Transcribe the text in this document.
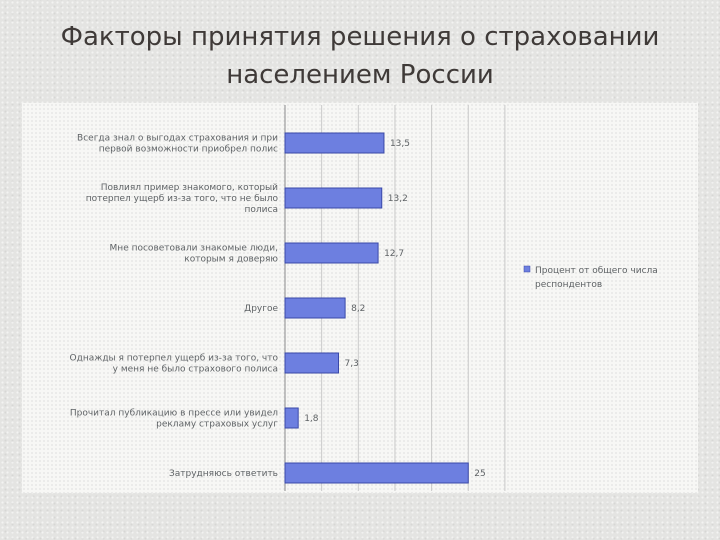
Факторы принятия решения о страховании
населением России
Всегда знал о выгодах страхования и при первой возможности приобрел полис
Повлиял пример знакомого, который потерпел ущерб из-за того, что не было полиса
Мне посоветовали знакомые люди, которым я доверяю
Другое
Однажды я потерпел ущерб из-за того, что у меня не было страхового полиса
Прочитал публикацию в прессе или увидел рекламу страховых услуг
Затрудняюсь ответить
13,5
13,2
12,7
8,2
7,3
1,8
25
Процент от общего числа респондентов
